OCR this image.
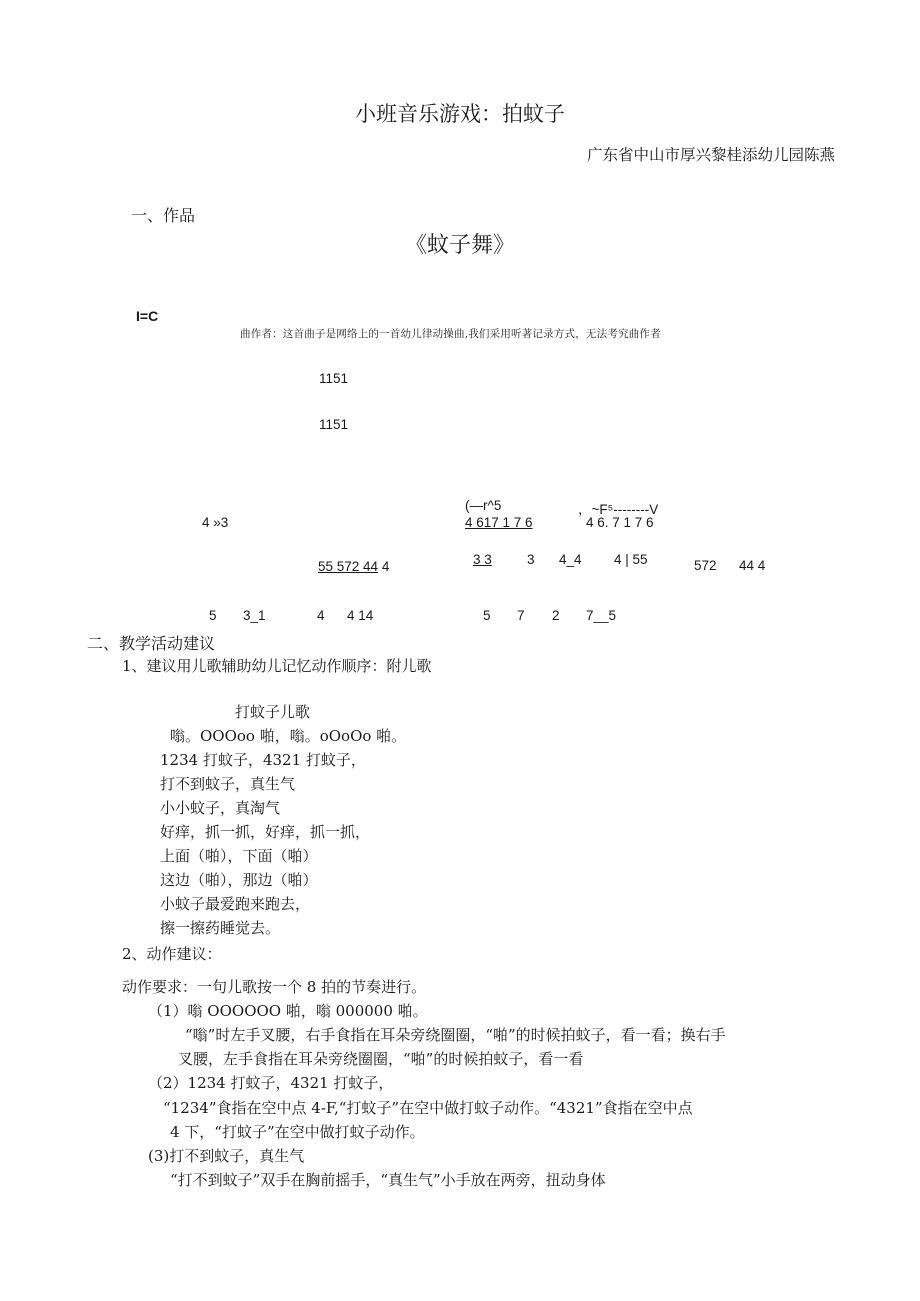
小班音乐游戏：拍蚊子
广东省中山市厚兴黎桂添幼儿园陈燕
一、作品
《蚊子舞》
I=C
曲作者：这首曲子是网络上的一首幼儿律动操曲,我们采用听著记录方式，无法考究曲作者
1151
1151
(—r^5	，~F⁵--------V
4 »3	4 617 1 7 6	4 6. 7 1 7 6
3 3	3 4_4 4 | 55
55 572 44 4	572 44 4
5 3_1	4 4 14	5 7 2 7__5
二、教学活动建议
1、建议用儿歌辅助幼儿记忆动作顺序：附儿歌
打蚊子儿歌
嗡。OOOoo 啪，嗡。oOoOo 啪。
1234 打蚊子，4321 打蚊子，
打不到蚊子，真生气
小小蚊子，真淘气
好痒，抓一抓，好痒，抓一抓，
上面（啪），下面（啪）
这边（啪），那边（啪）
小蚊子最爱跑来跑去，
擦一擦药睡觉去。
2、动作建议：
动作要求：一句儿歌按一个 8 拍的节奏进行。
（1）嗡 OOOOOO 啪，嗡 000000 啪。
“嗡”时左手叉腰，右手食指在耳朵旁绕圈圈，“啪”的时候拍蚊子，看一看；换右手
叉腰，左手食指在耳朵旁绕圈圈，“啪”的时候拍蚊子，看一看
（2）1234 打蚊子，4321 打蚊子，
“1234”食指在空中点 4-F,“打蚊子”在空中做打蚊子动作。“4321”食指在空中点
4 下，“打蚊子”在空中做打蚊子动作。
(3)打不到蚊子，真生气
“打不到蚊子”双手在胸前摇手，“真生气”小手放在两旁，扭动身体
